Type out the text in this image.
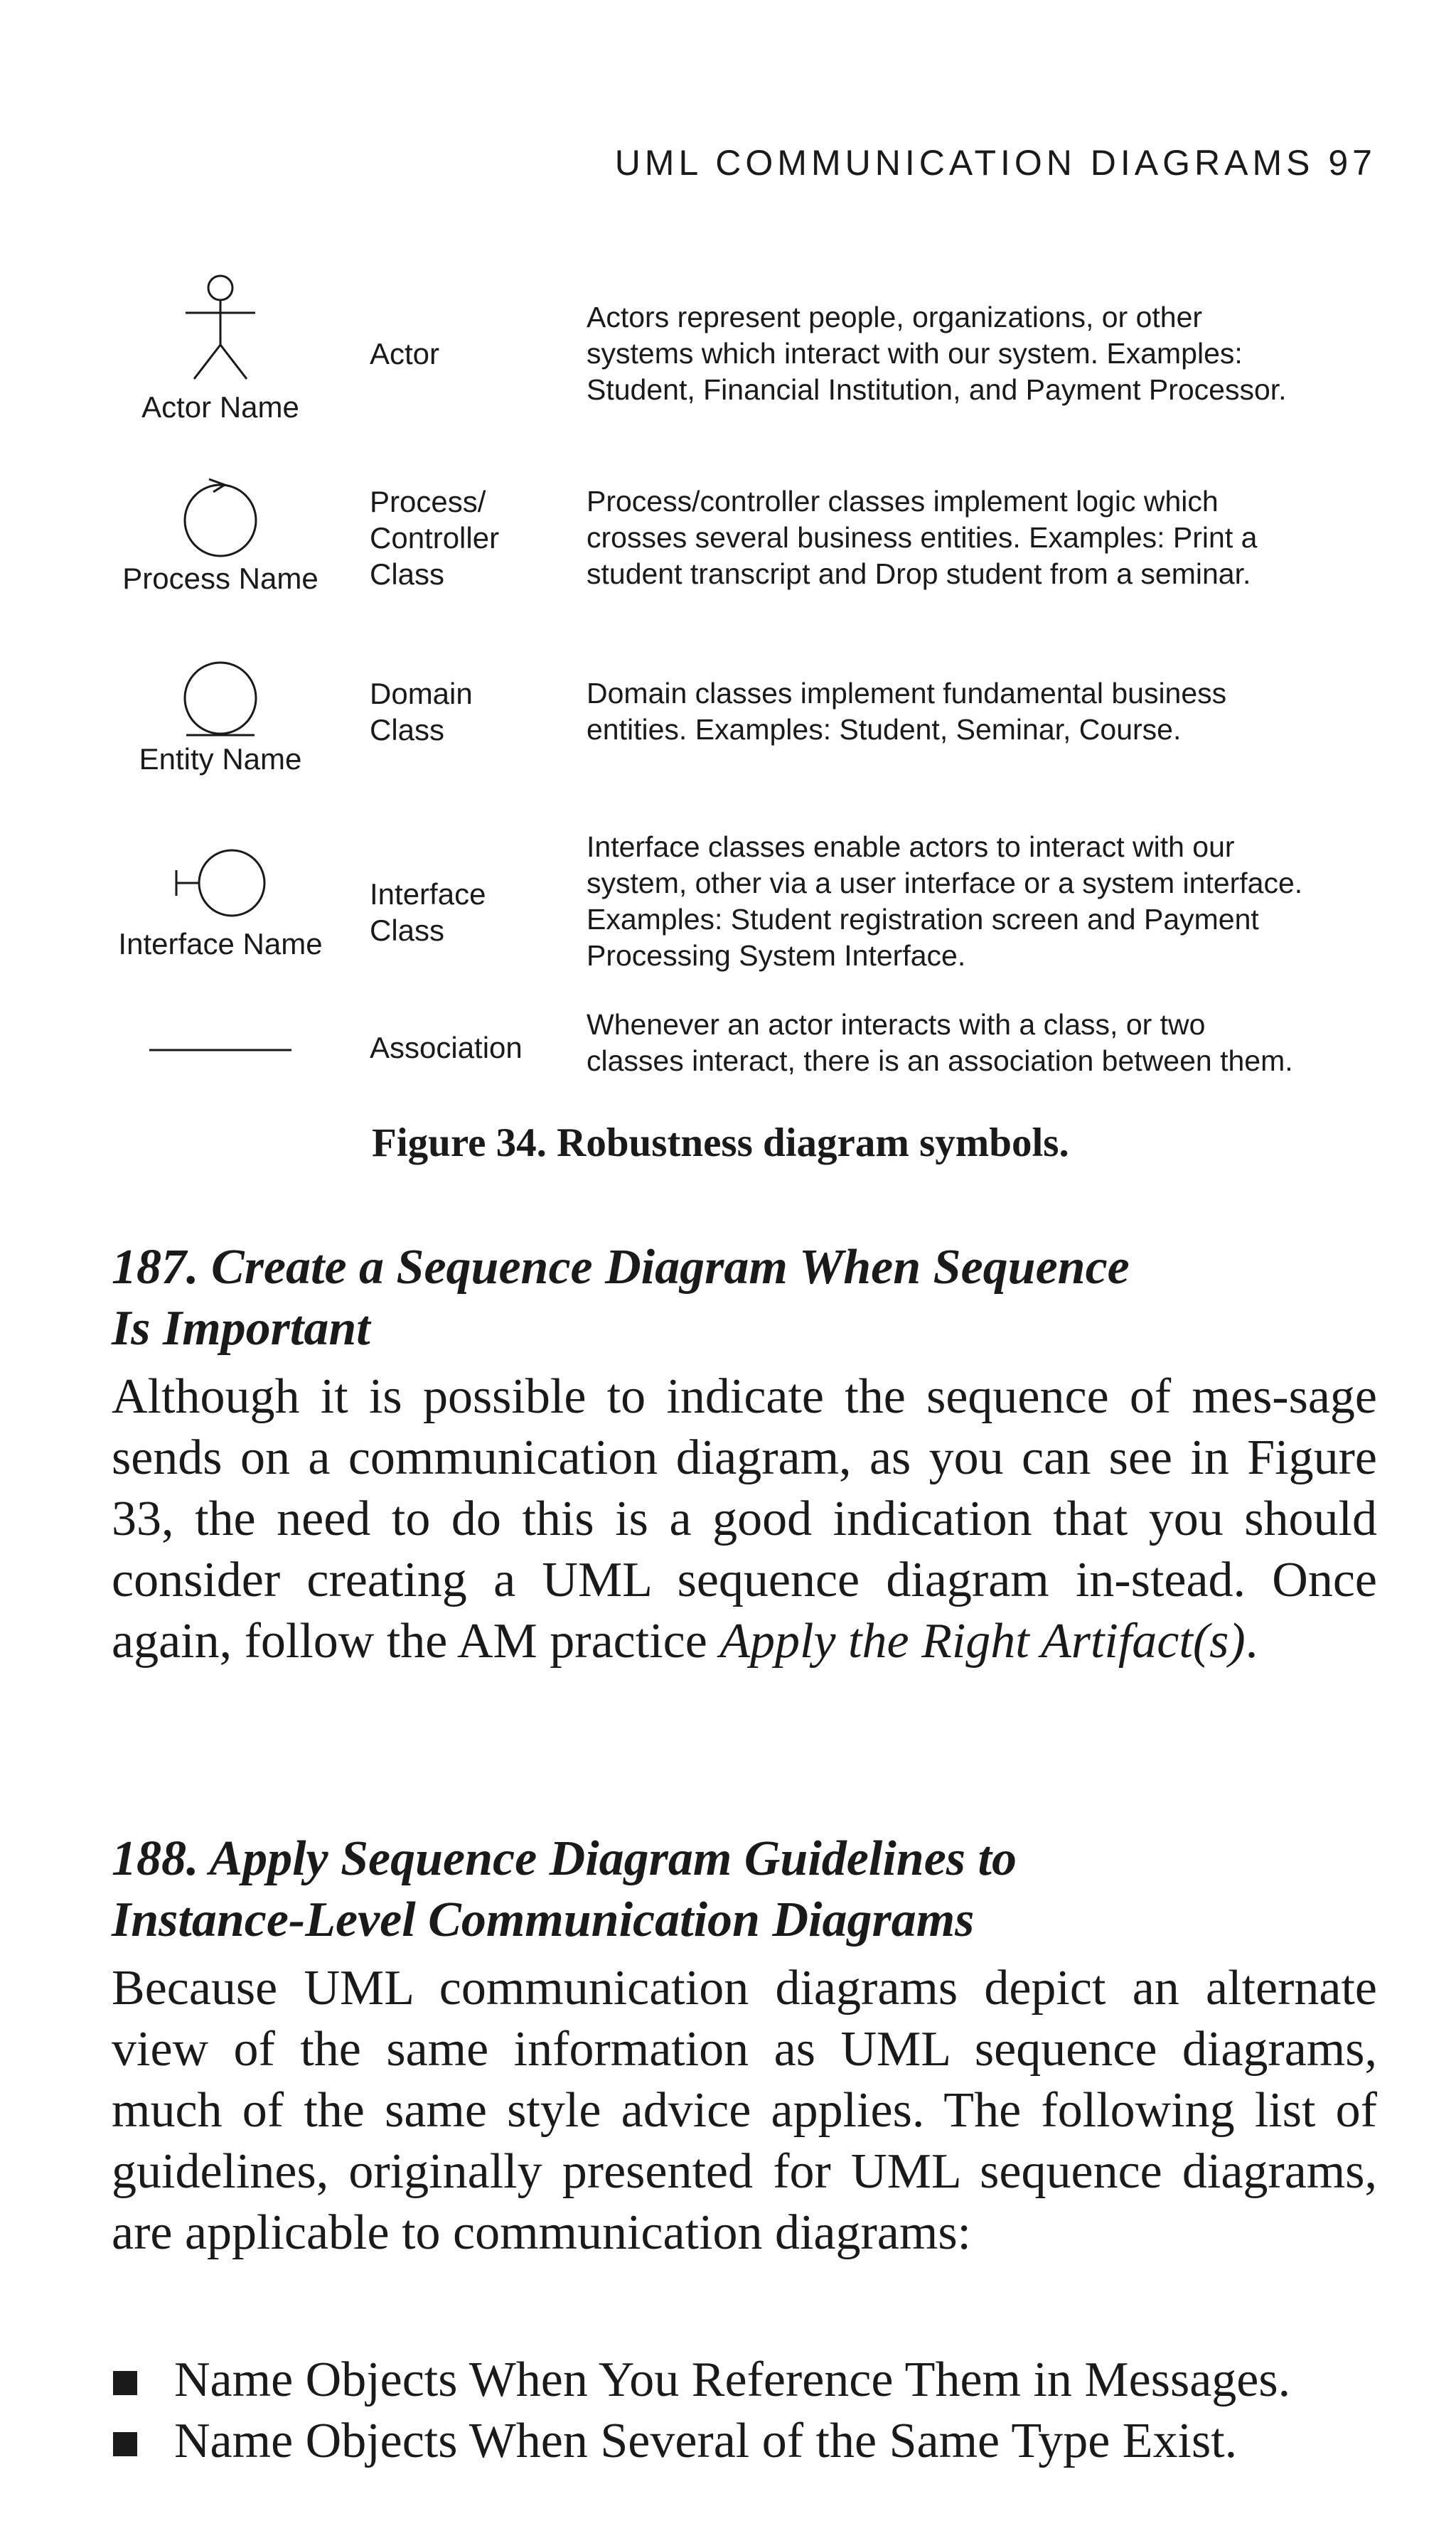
UML COMMUNICATION DIAGRAMS 97
Actor Name
Actor
Actors represent people, organizations, or other
systems which interact with our system. Examples:
Student, Financial Institution, and Payment Processor.
Process Name
Process/
Controller
Class
Process/controller classes implement logic which
crosses several business entities. Examples: Print a
student transcript and Drop student from a seminar.
Entity Name
Domain
Class
Domain classes implement fundamental business
entities. Examples: Student, Seminar, Course.
Interface Name
Interface
Class
Interface classes enable actors to interact with our
system, other via a user interface or a system interface.
Examples: Student registration screen and Payment
Processing System Interface.
Association
Whenever an actor interacts with a class, or two
classes interact, there is an association between them.
Figure 34. Robustness diagram symbols.
187. Create a Sequence Diagram When Sequence
Is Important

Although it is possible to indicate the sequence of mes-sage sends on a communication diagram, as you can see in Figure 33, the need to do this is a good indication that you should consider creating a UML sequence diagram in-stead. Once again, follow the AM practice Apply the Right Artifact(s).

188. Apply Sequence Diagram Guidelines to
Instance-Level Communication Diagrams

Because UML communication diagrams depict an alternate view of the same information as UML sequence diagrams, much of the same style advice applies. The following list of guidelines, originally presented for UML sequence diagrams, are applicable to communication diagrams:

Name Objects When You Reference Them in Messages.
Name Objects When Several of the Same Type Exist.
